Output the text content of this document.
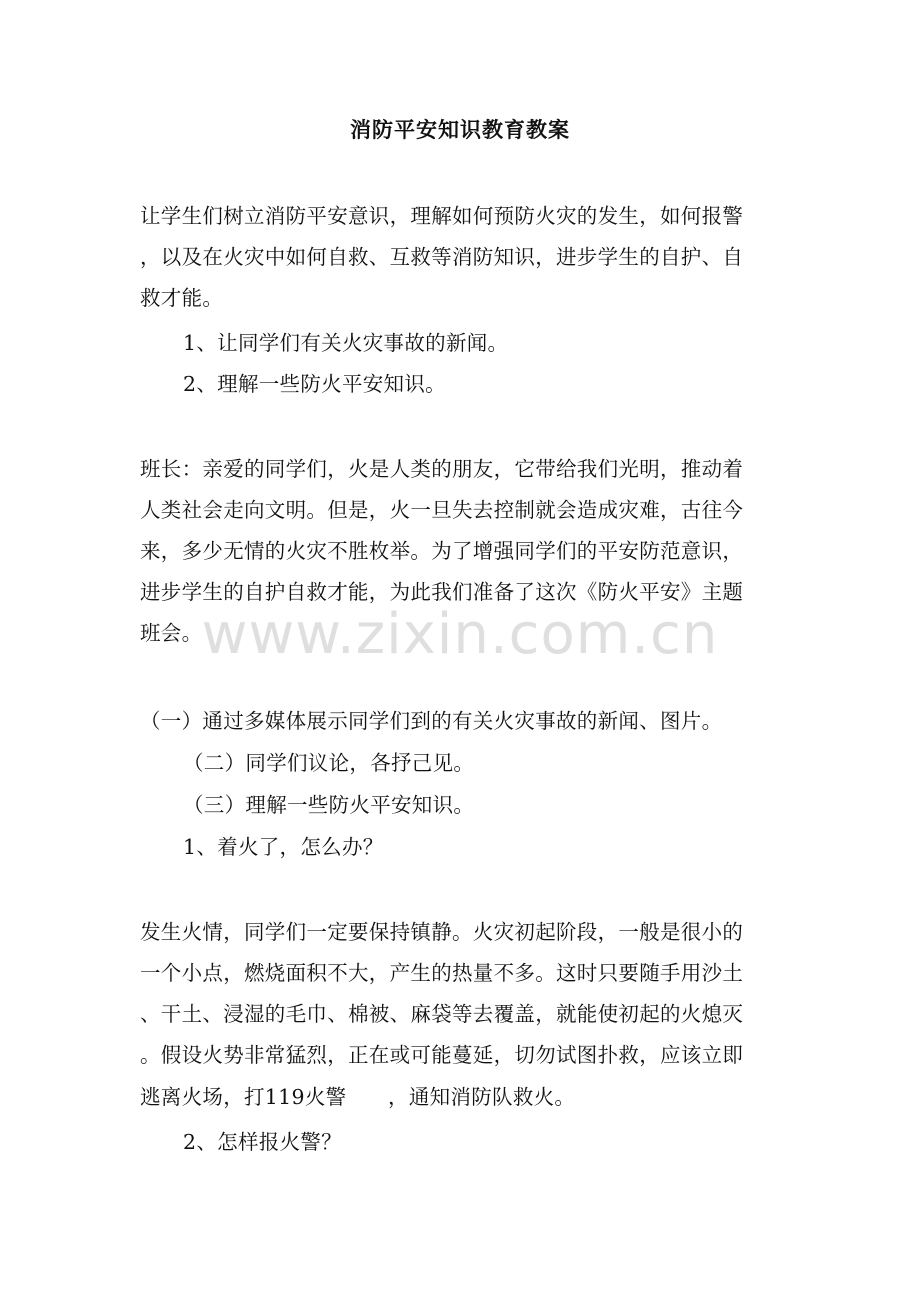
消防平安知识教育教案
让学生们树立消防平安意识，理解如何预防火灾的发生，如何报警
，以及在火灾中如何自救、互救等消防知识，进步学生的自护、自
救才能。
1、让同学们有关火灾事故的新闻。
2、理解一些防火平安知识。
班长：亲爱的同学们，火是人类的朋友，它带给我们光明，推动着
人类社会走向文明。但是，火一旦失去控制就会造成灾难，古往今
来，多少无情的火灾不胜枚举。为了增强同学们的平安防范意识，
进步学生的自护自救才能，为此我们准备了这次《防火平安》主题
班会。
（一）通过多媒体展示同学们到的有关火灾事故的新闻、图片。
（二）同学们议论，各抒己见。
（三）理解一些防火平安知识。
1、着火了，怎么办？
发生火情，同学们一定要保持镇静。火灾初起阶段，一般是很小的
一个小点，燃烧面积不大，产生的热量不多。这时只要随手用沙土
、干土、浸湿的毛巾、棉被、麻袋等去覆盖，就能使初起的火熄灭
。假设火势非常猛烈，正在或可能蔓延，切勿试图扑救，应该立即
逃离火场，打119火警　　，通知消防队救火。
2、怎样报火警？
www.zixin.com.cn
